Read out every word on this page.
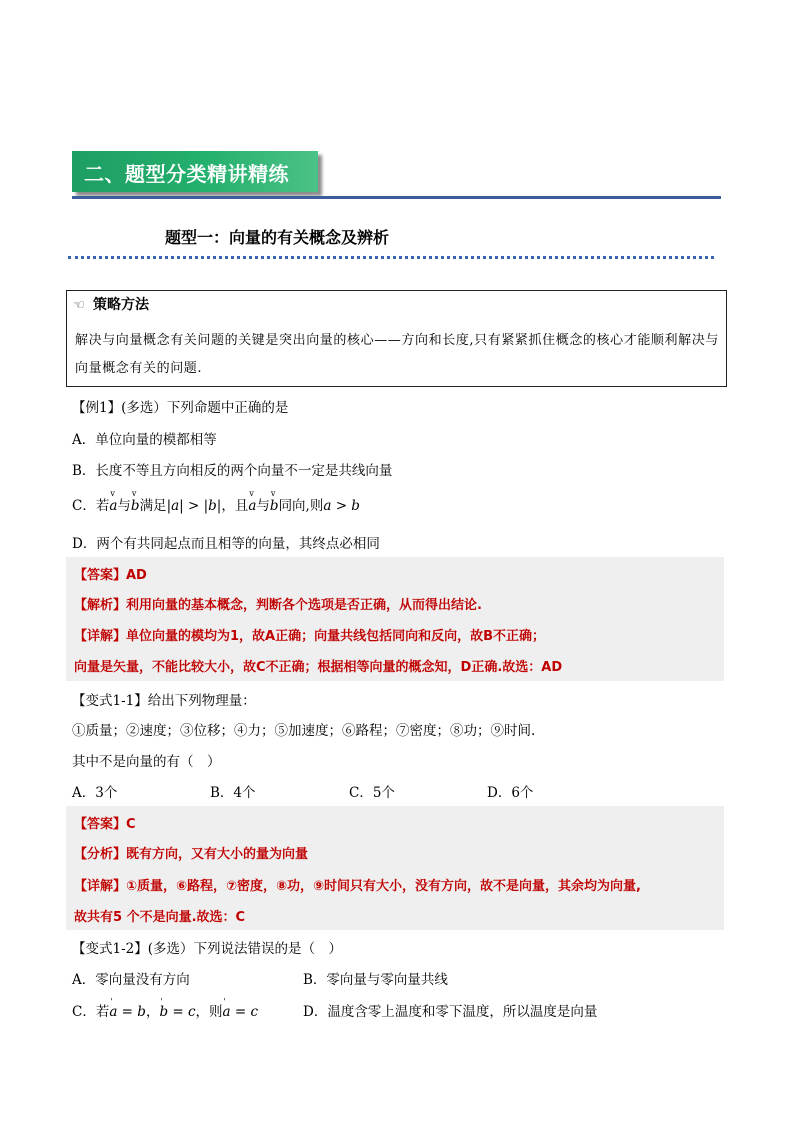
二、题型分类精讲精练
题型一：向量的有关概念及辨析
☜ 策略方法
解决与向量概念有关问题的关键是突出向量的核心——方向和长度,只有紧紧抓住概念的核心才能顺利解决与向量概念有关的问题.
【例1】(多选）下列命题中正确的是
A．单位向量的模都相等
B．长度不等且方向相反的两个向量不一定是共线向量
C．若v a与v b满足|a| > |b|，且v a与v b同向,则a > b
D．两个有共同起点而且相等的向量，其终点必相同
【答案】AD
【解析】利用向量的基本概念，判断各个选项是否正确，从而得出结论.
【详解】单位向量的模均为1，故A正确；向量共线包括同向和反向，故B不正确；
向量是矢量，不能比较大小，故C不正确；根据相等向量的概念知，D正确.故选：AD
【变式1-1】给出下列物理量：
①质量；②速度；③位移；④力；⑤加速度；⑥路程；⑦密度；⑧功；⑨时间.
其中不是向量的有（　）
A．3个	B．4个	C．5个	D．6个
【答案】C
【分析】既有方向，又有大小的量为向量
【详解】①质量，⑥路程，⑦密度，⑧功，⑨时间只有大小，没有方向，故不是向量，其余均为向量,
故共有5 个不是向量.故选：C
【变式1-2】(多选）下列说法错误的是（　）
A．零向量没有方向	B．零向量与零向量共线
C．若' a = b，' b = c，则' a = c	D．温度含零上温度和零下温度，所以温度是向量
